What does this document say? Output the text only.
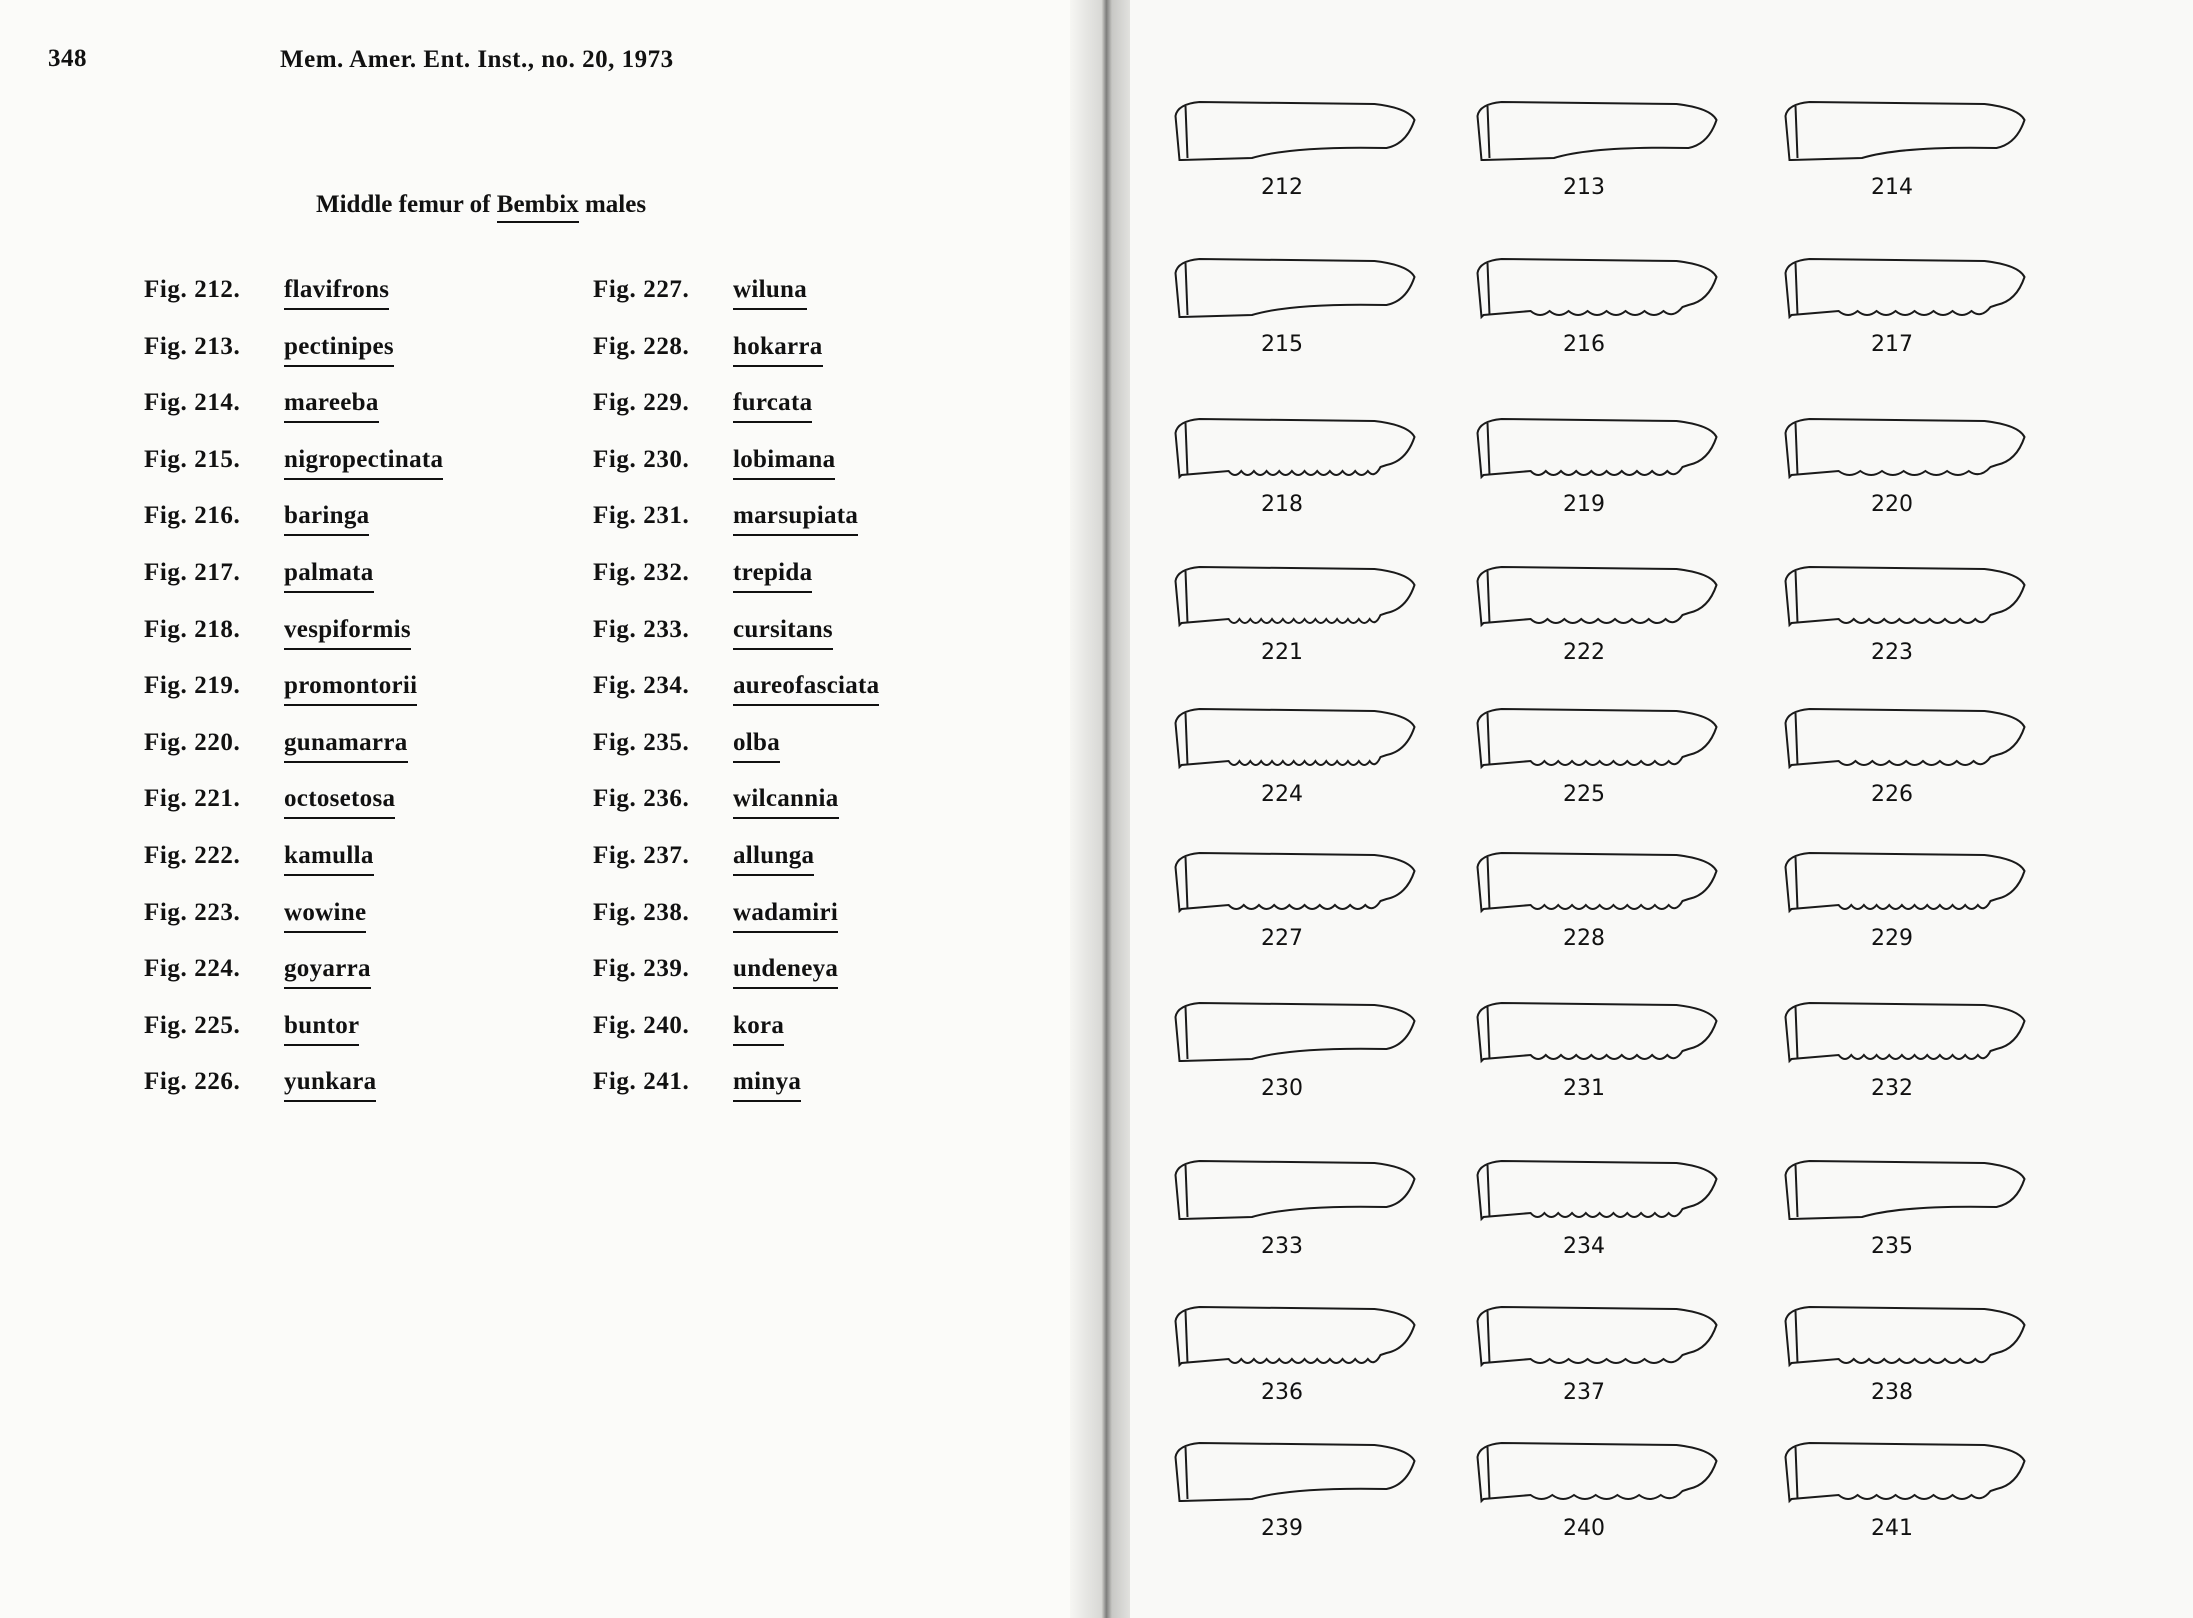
348	Mem. Amer. Ent. Inst., no. 20, 1973
Middle femur of Bembix males
Fig. 212.	flavifrons
Fig. 213.	pectinipes
Fig. 214.	mareeba
Fig. 215.	nigropectinata
Fig. 216.	baringa
Fig. 217.	palmata
Fig. 218.	vespiformis
Fig. 219.	promontorii
Fig. 220.	gunamarra
Fig. 221.	octosetosa
Fig. 222.	kamulla
Fig. 223.	wowine
Fig. 224.	goyarra
Fig. 225.	buntor
Fig. 226.	yunkara
Fig. 227.	wiluna
Fig. 228.	hokarra
Fig. 229.	furcata
Fig. 230.	lobimana
Fig. 231.	marsupiata
Fig. 232.	trepida
Fig. 233.	cursitans
Fig. 234.	aureofasciata
Fig. 235.	olba
Fig. 236.	wilcannia
Fig. 237.	allunga
Fig. 238.	wadamiri
Fig. 239.	undeneya
Fig. 240.	kora
Fig. 241.	minya
212	213	214
215	216	217
218	219	220
221	222	223
224	225	226
227	228	229
230	231	232
233	234	235
236	237	238
239	240	241
